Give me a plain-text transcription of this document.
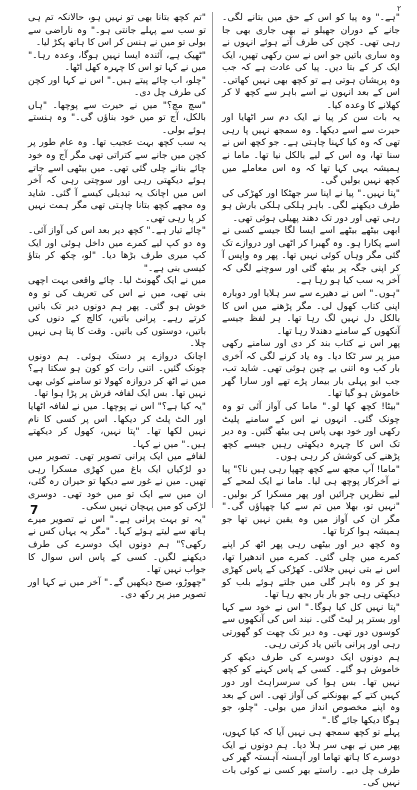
۲

"ہے۔" وہ پیا کو اس کے حق میں بتانے لگی۔ جانے کے دوران جھیلو نے بھی جاری بھی جا رہی تھی۔ کچن کی طرف آتے ہوئے انہوں نے وہ ساری باتیں جو اس نے سن رکھی تھیں، ایک ایک کر کے بتا دیں۔ پیا کی عادت ہے کہ جب وہ پریشان ہوتی ہے تو کچھ بھی نہیں کھاتی۔ اس کے بعد انہوں نے اسے باہر سے کچھ لا کر کھلانے کا وعدہ کیا۔

یہ بات سن کر پیا نے ایک دم سر اٹھایا اور حیرت سے اسے دیکھا۔ وہ سمجھ نہیں پا رہی تھی کہ وہ کیا کہنا چاہتی ہے۔ جو کچھ اس نے سنا تھا، وہ اس کے لیے بالکل نیا تھا۔ ماما نے ہمیشہ یہی کہا تھا کہ وہ اس معاملے میں کچھ نہیں بولیں گی۔

"پتا نہیں۔" پیا نے اپنا سر جھٹکا اور کھڑکی کی طرف دیکھنے لگی۔ باہر ہلکی ہلکی بارش ہو رہی تھی اور دور تک دھند پھیلی ہوئی تھی۔

ابھی بیٹھے بیٹھے اسے ایسا لگا جیسے کسی نے اسے پکارا ہو۔ وہ گھبرا کر اٹھی اور دروازے تک گئی مگر وہاں کوئی نہیں تھا۔ پھر وہ واپس آ کر اپنی جگہ پر بیٹھ گئی اور سوچنے لگی کہ آخر یہ سب کیا ہو رہا ہے۔

"ہوں۔" اس نے دھیرے سے سر ہلایا اور دوبارہ اپنی کتاب کھول لی۔ مگر پڑھنے میں اس کا بالکل دل نہیں لگ رہا تھا۔ ہر لفظ جیسے آنکھوں کے سامنے دھندلا رہا تھا۔

پھر اس نے کتاب بند کر دی اور سامنے رکھی میز پر سر ٹکا دیا۔ وہ یاد کرنے لگی کہ آخری بار کب وہ اتنی بے چین ہوئی تھی۔ شاید تب، جب ابو پہلی بار بیمار پڑے تھے اور سارا گھر خاموش ہو گیا تھا۔

"بیٹا! کچھ کھا لو۔" ماما کی آواز آئی تو وہ چونک گئی۔ انہوں نے اس کے سامنے پلیٹ رکھی اور خود بھی پاس ہی بیٹھ گئیں۔ وہ دیر تک اس کا چہرہ دیکھتی رہیں جیسے کچھ پڑھنے کی کوشش کر رہی ہوں۔

"ماما! آپ مجھ سے کچھ چھپا رہی ہیں نا؟" پیا نے آخرکار پوچھ ہی لیا۔ ماما نے ایک لمحے کے لیے نظریں چرائیں اور پھر مسکرا کر بولیں۔ "نہیں تو، بھلا میں تم سے کیا چھپاؤں گی۔" مگر ان کی آواز میں وہ یقین نہیں تھا جو ہمیشہ ہوا کرتا تھا۔

وہ کچھ دیر اور بیٹھی رہی پھر اٹھ کر اپنے کمرے میں چلی گئی۔ کمرے میں اندھیرا تھا، اس نے بتی نہیں جلائی۔ کھڑکی کے پاس کھڑی ہو کر وہ باہر گلی میں جلتے ہوئے بلب کو دیکھتی رہی جو بار بار بجھ رہا تھا۔

"پتا نہیں کل کیا ہوگا۔" اس نے خود سے کہا اور بستر پر لیٹ گئی۔ نیند اس کی آنکھوں سے کوسوں دور تھی۔ وہ دیر تک چھت کو گھورتی رہی اور پرانی باتیں یاد کرتی رہی۔

ہم دونوں ایک دوسرے کی طرف دیکھ کر خاموش ہو گئے۔ کسی کے پاس کہنے کو کچھ نہیں تھا۔ بس ہوا کی سرسراہٹ اور دور کہیں کتے کے بھونکنے کی آواز تھی۔ اس کے بعد وہ اپنے مخصوص انداز میں بولی۔ "چلو، جو ہوگا دیکھا جائے گا۔"

پہلے تو کچھ سمجھ ہی نہیں آیا کہ کیا کہوں، پھر میں نے بھی سر ہلا دیا۔ ہم دونوں نے ایک دوسرے کا ہاتھ تھاما اور آہستہ آہستہ گھر کی طرف چل دیے۔ راستے بھر کسی نے کوئی بات نہیں کی۔

"تم کچھ بتانا بھی تو نہیں ہو، حالانکہ تم ہی تو سب سے پہلے جانتی ہو۔" وہ ناراضی سے بولی تو میں نے ہنس کر اس کا ہاتھ پکڑ لیا۔

"ٹھیک ہے، آئندہ ایسا نہیں ہوگا، وعدہ رہا۔" میں نے کہا تو اس کا چہرہ کھل اٹھا۔

"چلو، اب چائے پیتے ہیں۔" اس نے کہا اور کچن کی طرف چل دی۔

"سچ مچ؟" میں نے حیرت سے پوچھا۔ "ہاں بالکل، آج تو میں خود بناؤں گی۔" وہ ہنستے ہوئے بولی۔

یہ سب کچھ بہت عجیب تھا۔ وہ عام طور پر کچن میں جانے سے کتراتی تھی مگر آج وہ خود چائے بنانے چلی گئی تھی۔ میں بیٹھی اسے جاتے ہوئے دیکھتی رہی اور سوچتی رہی کہ آخر اس میں اچانک یہ تبدیلی کیسے آ گئی۔ شاید وہ مجھے کچھ بتانا چاہتی تھی مگر ہمت نہیں کر پا رہی تھی۔

"چائے تیار ہے۔" کچھ دیر بعد اس کی آواز آئی۔ وہ دو کپ لیے کمرے میں داخل ہوئی اور ایک کپ میری طرف بڑھا دیا۔ "لو، چکھ کر بتاؤ کیسی بنی ہے۔"

میں نے ایک گھونٹ لیا۔ چائے واقعی بہت اچھی بنی تھی، میں نے اس کی تعریف کی تو وہ خوش ہو گئی۔ پھر ہم دونوں دیر تک باتیں کرتے رہے۔ پرانی باتیں، کالج کے دنوں کی باتیں، دوستوں کی باتیں۔ وقت کا پتا ہی نہیں چلا۔

اچانک دروازے پر دستک ہوئی۔ ہم دونوں چونک گئیں۔ اتنی رات کو کون ہو سکتا ہے؟ میں نے اٹھ کر دروازہ کھولا تو سامنے کوئی بھی نہیں تھا۔ بس ایک لفافہ فرش پر پڑا ہوا تھا۔

"یہ کیا ہے؟" اس نے پوچھا۔ میں نے لفافہ اٹھایا اور الٹ پلٹ کر دیکھا۔ اس پر کسی کا نام نہیں لکھا تھا۔ "پتا نہیں، کھول کر دیکھتے ہیں۔" میں نے کہا۔

لفافے میں ایک پرانی تصویر تھی۔ تصویر میں دو لڑکیاں ایک باغ میں کھڑی مسکرا رہی تھیں۔ میں نے غور سے دیکھا تو حیران رہ گئی، ان میں سے ایک تو میں خود تھی۔ دوسری لڑکی کو میں پہچان نہیں سکی۔

"یہ تو بہت پرانی ہے۔" اس نے تصویر میرے ہاتھ سے لیتے ہوئے کہا۔ "مگر یہ یہاں کس نے رکھی؟" ہم دونوں ایک دوسرے کی طرف دیکھنے لگیں۔ کسی کے پاس اس سوال کا جواب نہیں تھا۔

"چھوڑو، صبح دیکھیں گے۔" آخر میں نے کہا اور تصویر میز پر رکھ دی۔

7
